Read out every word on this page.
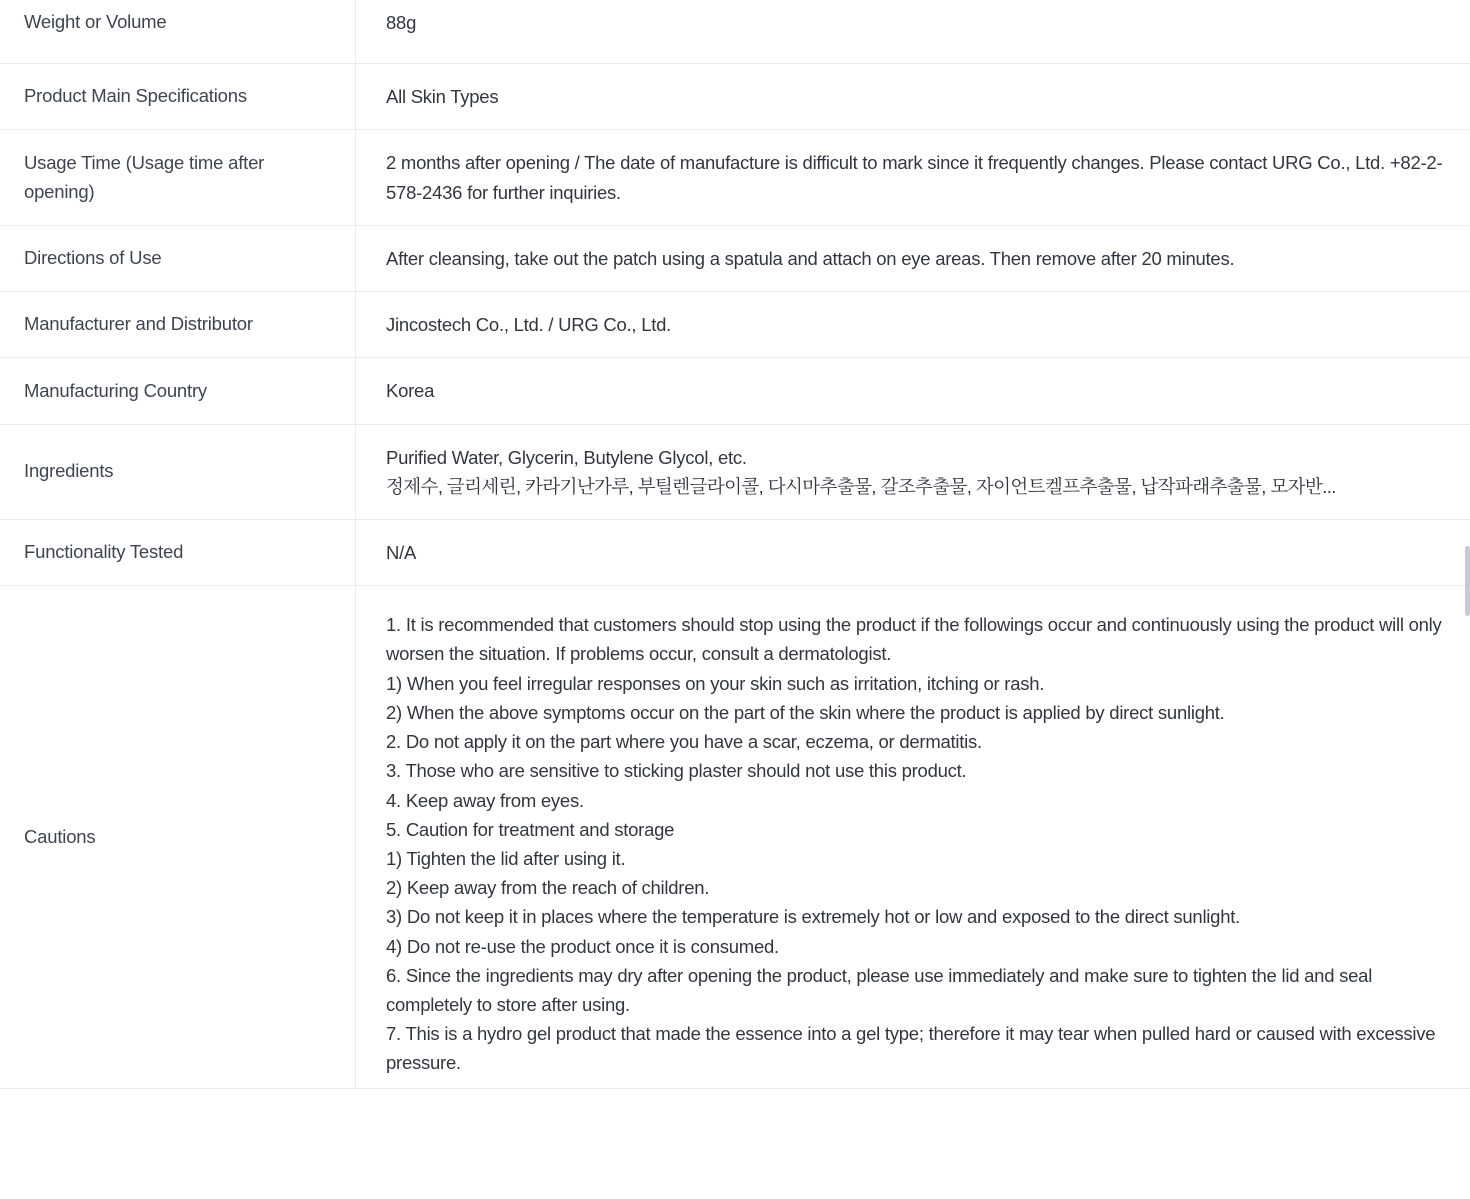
Weight or Volume	88g

Product Main Specifications	All Skin Types

Usage Time (Usage time after opening)	2 months after opening / The date of manufacture is difficult to mark since it frequently changes. Please contact URG Co., Ltd. +82-2-578-2436 for further inquiries.

Directions of Use	After cleansing, take out the patch using a spatula and attach on eye areas. Then remove after 20 minutes.

Manufacturer and Distributor	Jincostech Co., Ltd. / URG Co., Ltd.

Manufacturing Country	Korea

Ingredients	Purified Water, Glycerin, Butylene Glycol, etc.
정제수, 글리세린, 카라기난가루, 부틸렌글라이콜, 다시마추출물, 갈조추출물, 자이언트켈프추출물, 납작파래추출물, 모자반...

Functionality Tested	N/A

Cautions	
1. It is recommended that customers should stop using the product if the followings occur and continuously using the product will only worsen the situation. If problems occur, consult a dermatologist.
1) When you feel irregular responses on your skin such as irritation, itching or rash.
2) When the above symptoms occur on the part of the skin where the product is applied by direct sunlight.
2. Do not apply it on the part where you have a scar, eczema, or dermatitis.
3. Those who are sensitive to sticking plaster should not use this product.
4. Keep away from eyes.
5. Caution for treatment and storage
1) Tighten the lid after using it.
2) Keep away from the reach of children.
3) Do not keep it in places where the temperature is extremely hot or low and exposed to the direct sunlight.
4) Do not re-use the product once it is consumed.
6. Since the ingredients may dry after opening the product, please use immediately and make sure to tighten the lid and seal completely to store after using.
7. This is a hydro gel product that made the essence into a gel type; therefore it may tear when pulled hard or caused with excessive pressure.
